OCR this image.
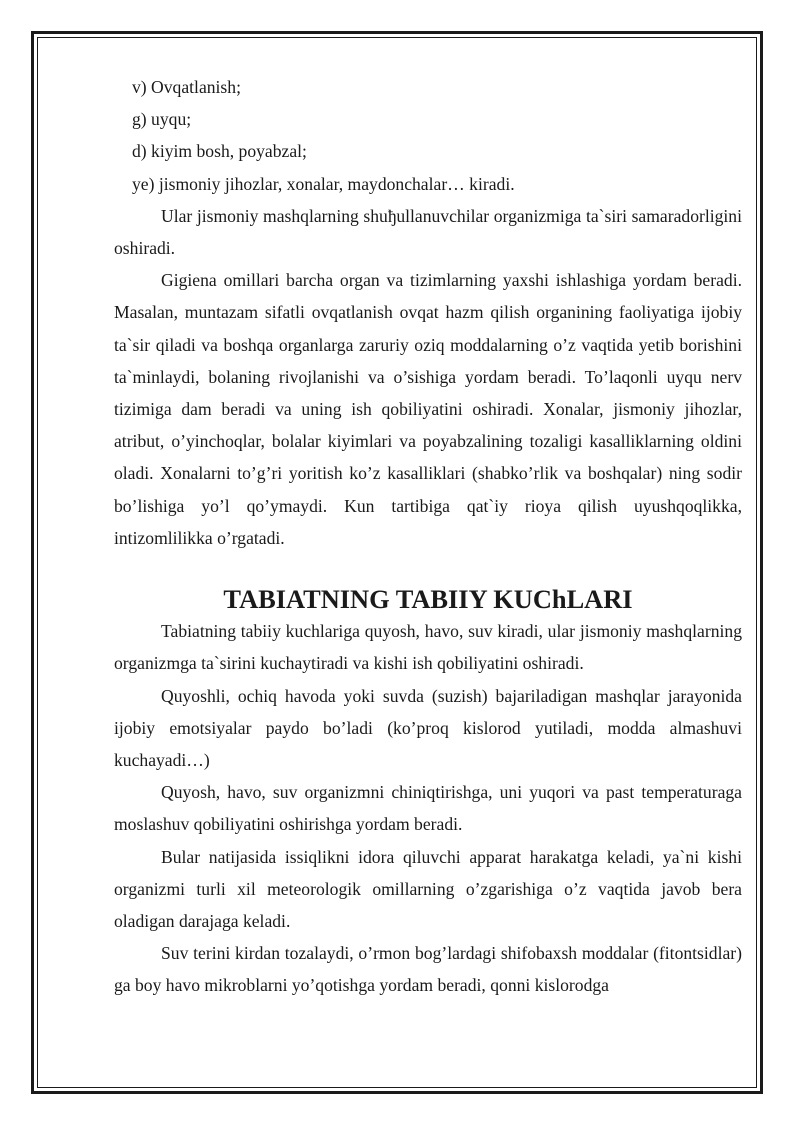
v) Ovqatlanish;

g) uyqu;

d) kiyim bosh, poyabzal;

ye) jismoniy jihozlar, xonalar, maydonchalar… kiradi.

Ular jismoniy mashqlarning shuђullanuvchilar organizmiga ta`siri samaradorligini oshiradi.

Gigiena omillari barcha organ va tizimlarning yaxshi ishlashiga yordam beradi. Masalan, muntazam sifatli ovqatlanish ovqat hazm qilish organining faoliyatiga ijobiy ta`sir qiladi va boshqa organlarga zaruriy oziq moddalarning o’z vaqtida yetib borishini ta`minlaydi, bolaning rivojlanishi va o’sishiga yordam beradi. To’laqonli uyqu nerv tizimiga dam beradi va uning ish qobiliyatini oshiradi. Xonalar, jismoniy jihozlar, atribut, o’yinchoqlar, bolalar kiyimlari va poyabzalining tozaligi kasalliklarning oldini oladi. Xonalarni to’g’ri yoritish ko’z kasalliklari (shabko’rlik va boshqalar) ning sodir bo’lishiga yo’l qo’ymaydi. Kun tartibiga qat`iy rioya qilish uyushqoqlikka, intizomlilikka o’rgatadi.

TABIATNING TABIIY KUChLARI

Tabiatning tabiiy kuchlariga quyosh, havo, suv kiradi, ular jismoniy mashqlarning organizmga ta`sirini kuchaytiradi va kishi ish qobiliyatini oshiradi.

Quyoshli, ochiq havoda yoki suvda (suzish) bajariladigan mashqlar jarayonida ijobiy emotsiyalar paydo bo’ladi (ko’proq kislorod yutiladi, modda almashuvi kuchayadi…)

Quyosh, havo, suv organizmni chiniqtirishga, uni yuqori va past temperaturaga moslashuv qobiliyatini oshirishga yordam beradi.

Bular natijasida issiqlikni idora qiluvchi apparat harakatga keladi, ya`ni kishi organizmi turli xil meteorologik omillarning o’zgarishiga o’z vaqtida javob bera oladigan darajaga keladi.

Suv terini kirdan tozalaydi, o’rmon bog’lardagi shifobaxsh moddalar (fitontsidlar) ga boy havo mikroblarni yo’qotishga yordam beradi, qonni kislorodga
